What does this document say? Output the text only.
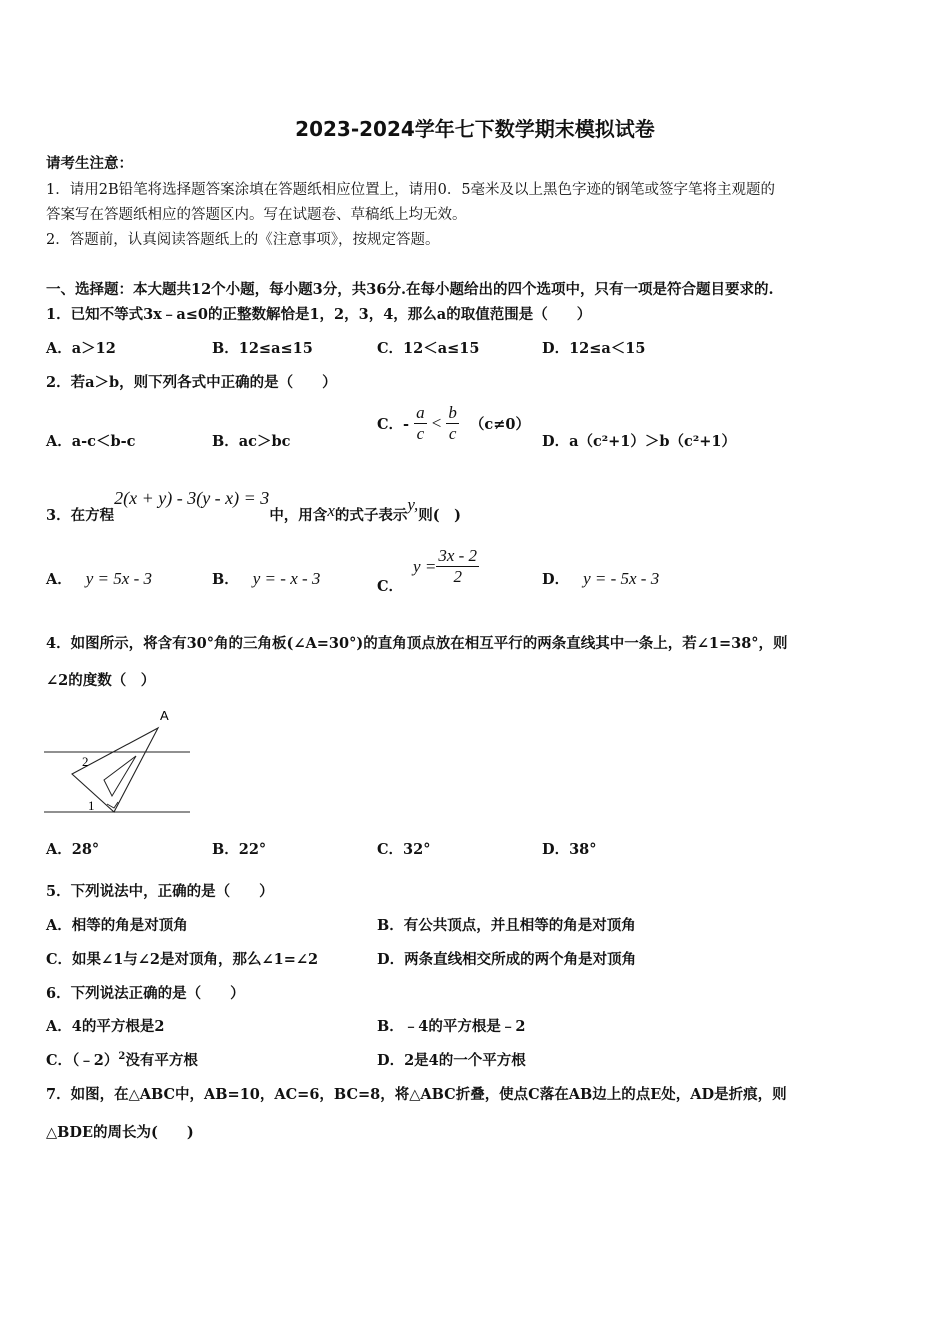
2023-2024学年七下数学期末模拟试卷
请考生注意：
1．请用2B铅笔将选择题答案涂填在答题纸相应位置上，请用0．5毫米及以上黑色字迹的钢笔或签字笔将主观题的
答案写在答题纸相应的答题区内。写在试题卷、草稿纸上均无效。
2．答题前，认真阅读答题纸上的《注意事项》，按规定答题。
一、选择题：本大题共12个小题，每小题3分，共36分.在每小题给出的四个选项中，只有一项是符合题目要求的.
1．已知不等式3x﹣a≤0的正整数解恰是1，2，3，4，那么a的取值范围是（　　）
A．a＞12	B．12≤a≤15	C．12＜a≤15	D．12≤a＜15
2．若a＞b，则下列各式中正确的是（　　）
A．a-c＜b-c	B．ac＞bc
C．- $\frac{a}{c} < \frac{b}{c} (c\ne 0)$
D．a（c²+1）＞b（c²+1）
3．在方程2(x + y) - 3(y - x) = 3中，用含x的式子表示y,则(　)
A． y = 5x - 3	B． y = - x - 3	C．$y = \frac{3x - 2}{2}$	D． y = - 5x - 3
4．如图所示，将含有30°角的三角板(∠A=30°)的直角顶点放在相互平行的两条直线其中一条上，若∠1=38°，则
∠2的度数（　）
A
2
1
A．28°	B．22°	C．32°	D．38°
5．下列说法中，正确的是（　　）
A．相等的角是对顶角	B．有公共顶点，并且相等的角是对顶角
C．如果∠1与∠2是对顶角，那么∠1=∠2	D．两条直线相交所成的两个角是对顶角
6．下列说法正确的是（　　）
A．4的平方根是2	B．﹣4的平方根是﹣2
C．（﹣2）$^2$没有平方根	D．2是4的一个平方根
7．如图，在△ABC中，AB=10，AC=6，BC=8，将△ABC折叠，使点C落在AB边上的点E处，AD是折痕，则
△BDE的周长为(　　)
